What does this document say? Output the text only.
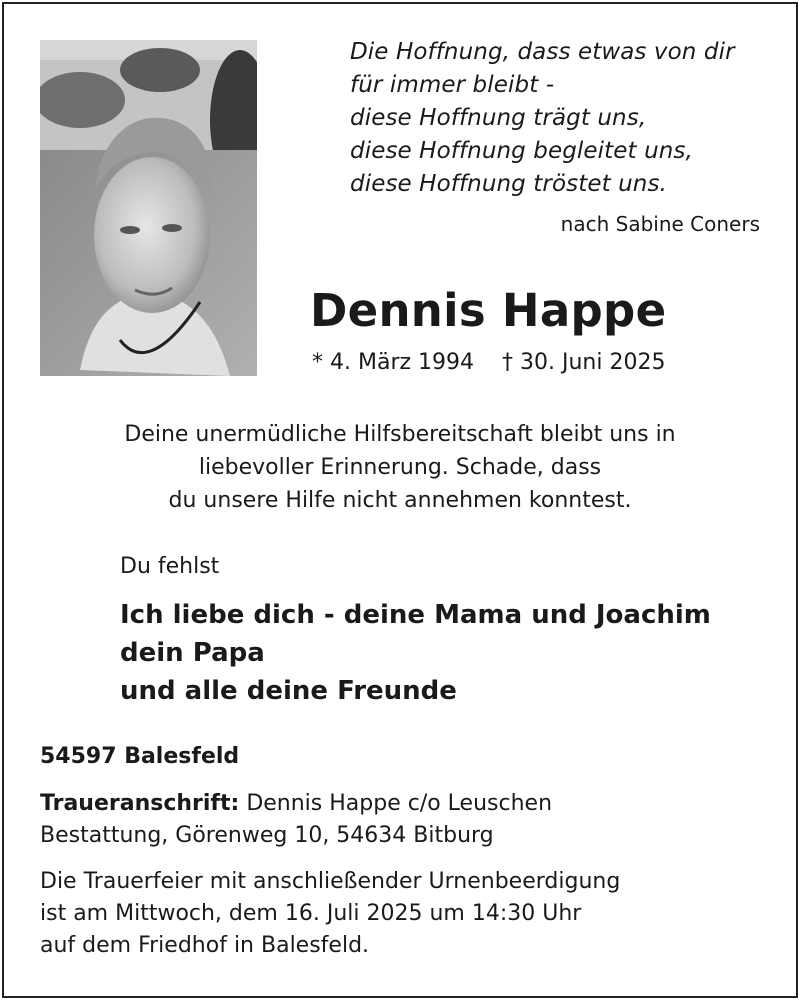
Die Hoffnung, dass etwas von dir
für immer bleibt -
diese Hoffnung trägt uns,
diese Hoffnung begleitet uns,
diese Hoffnung tröstet uns.
nach Sabine Coners
Dennis Happe
* 4. März 1994 † 30. Juni 2025
Deine unermüdliche Hilfsbereitschaft bleibt uns in
liebevoller Erinnerung. Schade, dass
du unsere Hilfe nicht annehmen konntest.
Du fehlst
Ich liebe dich - deine Mama und Joachim
dein Papa
und alle deine Freunde
54597 Balesfeld
Traueranschrift: Dennis Happe c/o Leuschen
Bestattung, Görenweg 10, 54634 Bitburg
Die Trauerfeier mit anschließender Urnenbeerdigung
ist am Mittwoch, dem 16. Juli 2025 um 14:30 Uhr
auf dem Friedhof in Balesfeld.
